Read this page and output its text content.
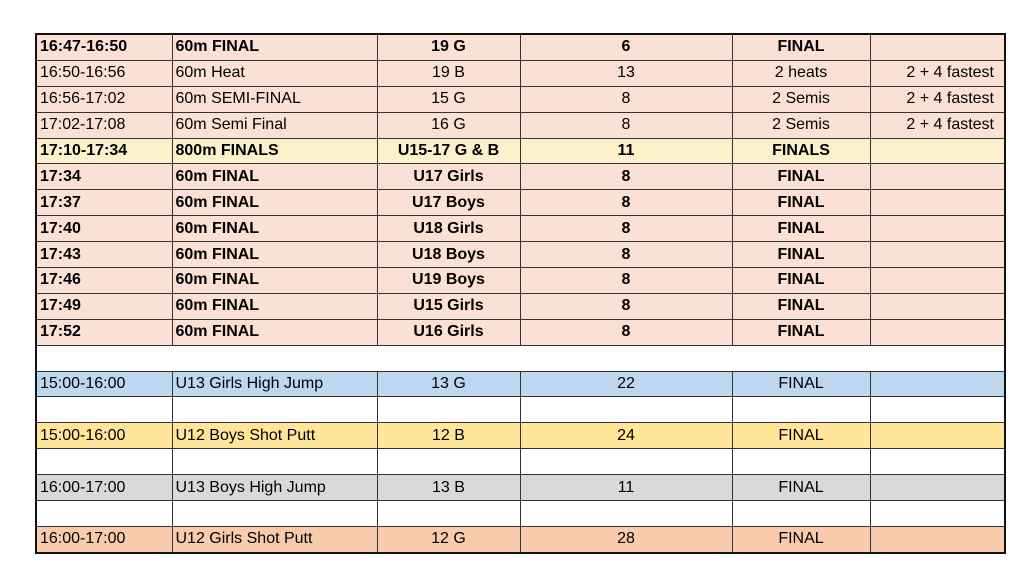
16:47-16:50	60m FINAL	19 G	6	FINAL	
16:50-16:56	60m Heat	19 B	13	2 heats	2 + 4 fastest
16:56-17:02	60m SEMI-FINAL	15 G	8	2 Semis	2 + 4 fastest
17:02-17:08	60m Semi Final	16 G	8	2 Semis	2 + 4 fastest
17:10-17:34	800m FINALS	U15-17 G & B	11	FINALS	
17:34	60m FINAL	U17 Girls	8	FINAL	
17:37	60m FINAL	U17 Boys	8	FINAL	
17:40	60m FINAL	U18 Girls	8	FINAL	
17:43	60m FINAL	U18 Boys	8	FINAL	
17:46	60m FINAL	U19 Boys	8	FINAL	
17:49	60m FINAL	U15 Girls	8	FINAL	
17:52	60m FINAL	U16 Girls	8	FINAL	

15:00-16:00	U13 Girls High Jump	13 G	22	FINAL	

15:00-16:00	U12 Boys Shot Putt	12 B	24	FINAL	

16:00-17:00	U13 Boys High Jump	13 B	11	FINAL	

16:00-17:00	U12 Girls Shot Putt	12 G	28	FINAL	
